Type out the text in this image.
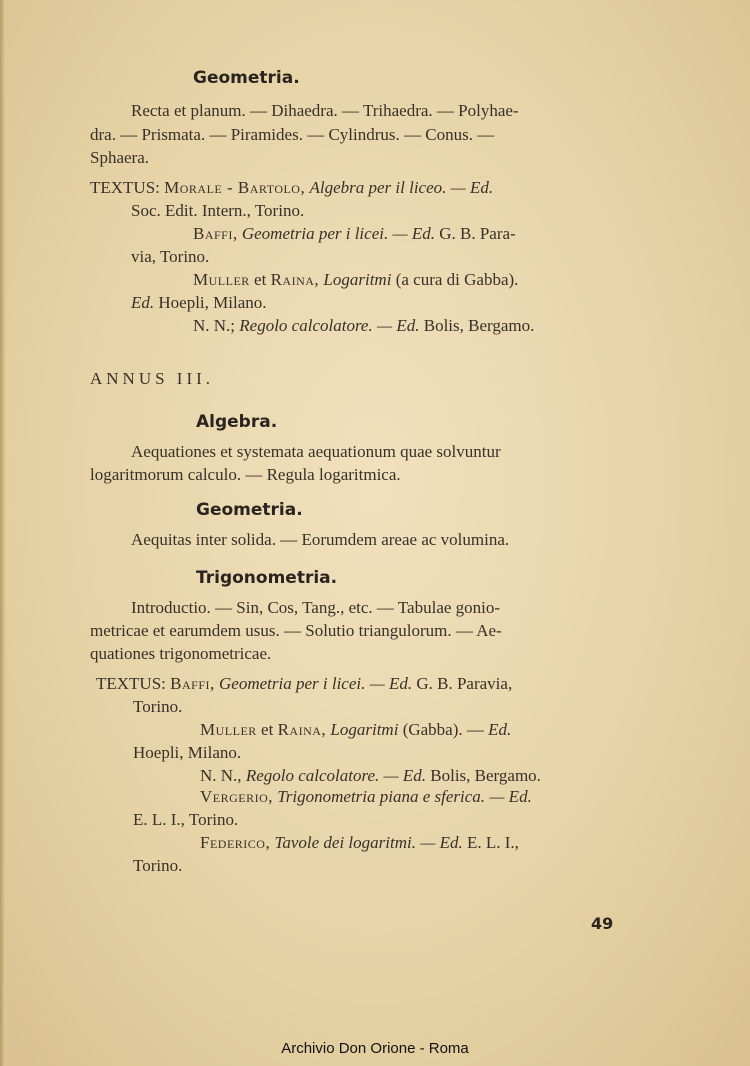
Geometria.
Recta et planum. — Dihaedra. — Trihaedra. — Polyhae-
dra. — Prismata. — Piramides. — Cylindrus. — Conus. —
Sphaera.
TEXTUS: Morale - Bartolo, Algebra per il liceo. — Ed.
Soc. Edit. Intern., Torino.
Baffi, Geometria per i licei. — Ed. G. B. Para-
via, Torino.
Muller et Raina, Logaritmi (a cura di Gabba).
Ed. Hoepli, Milano.
N. N.; Regolo calcolatore. — Ed. Bolis, Bergamo.
ANNUS III.
Algebra.
Aequationes et systemata aequationum quae solvuntur
logaritmorum calculo. — Regula logaritmica.
Geometria.
Aequitas inter solida. — Eorumdem areae ac volumina.
Trigonometria.
Introductio. — Sin, Cos, Tang., etc. — Tabulae gonio-
metricae et earumdem usus. — Solutio triangulorum. — Ae-
quationes trigonometricae.
TEXTUS: Baffi, Geometria per i licei. — Ed. G. B. Paravia,
Torino.
Muller et Raina, Logaritmi (Gabba). — Ed.
Hoepli, Milano.
N. N., Regolo calcolatore. — Ed. Bolis, Bergamo.
Vergerio, Trigonometria piana e sferica. — Ed.
E. L. I., Torino.
Federico, Tavole dei logaritmi. — Ed. E. L. I.,
Torino.
49
Archivio Don Orione - Roma
